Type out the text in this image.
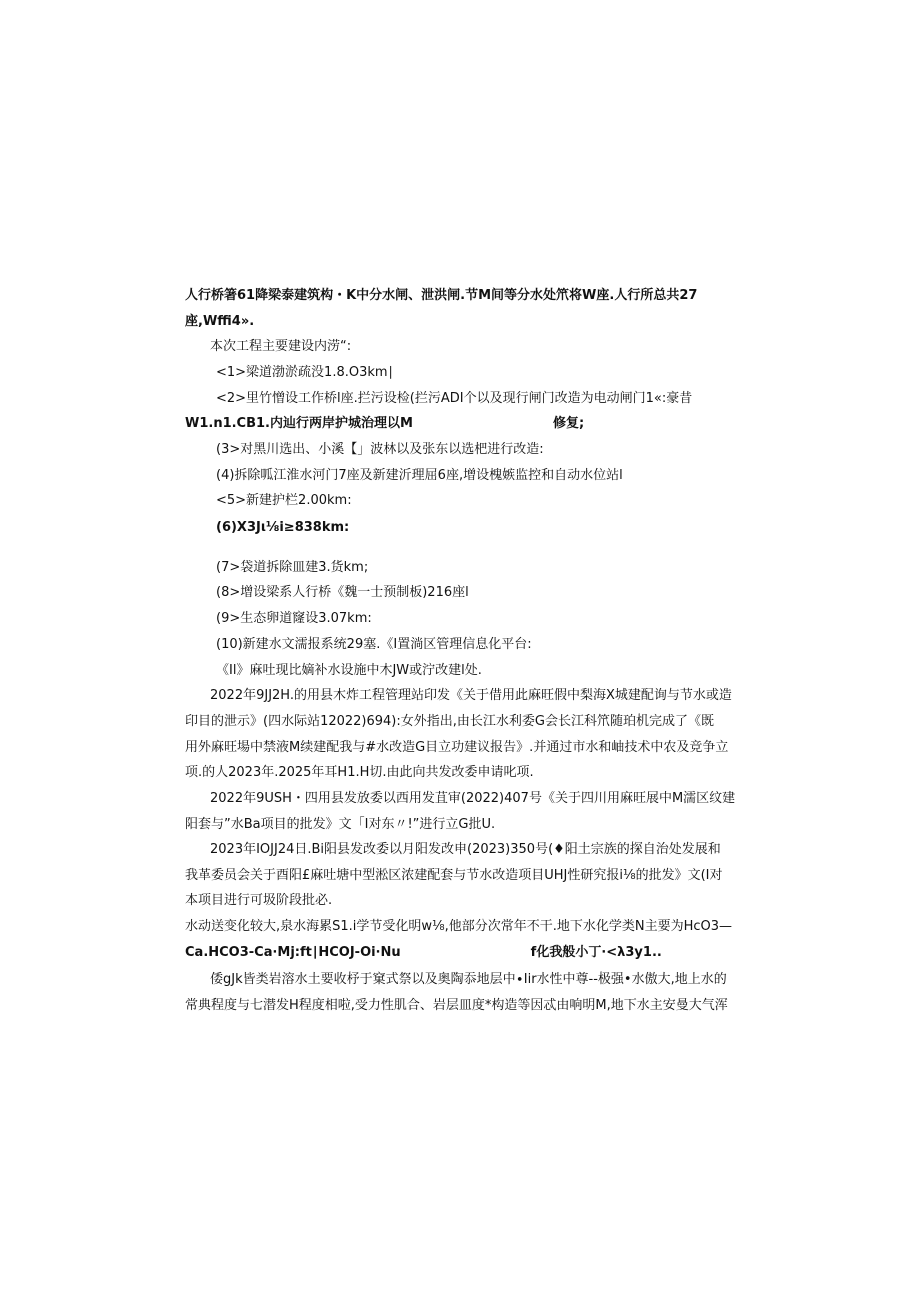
人行桥箸61降梁泰建筑构・K中分水闸、泄洪闸.节M间等分水处笊将W座.人行所总共27
座,Wffi4».
本次工程主要建设内涝“:
<1>梁道渤淤疏没1.8.O3km∣
<2>里竹憎设工作桥l座.拦污设检(拦污ADI个以及现行闸门改造为电动闸门1«:豪昔
W1.n1.CB1.内辿行两岸护城治理以M	修复;
(3>对黑川选出、小溪【」波林以及张东以选杷进行改造:
(4)拆除呱江淮水河门7座及新建沂理屈6座,增设槐嫉监控和自动水位站l
<5>新建护栏2.00km:
(6)X3Jι⅛i≥838km:
(7>袋道拆除皿建3.货km;
(8>增设梁系人行桥《魏一士预制板)216座l
(9>生态卵道窿设3.07km:
(10)新建水文濡报系统29塞.《I置淌区管理信息化平台:
《Il》麻吐现比嫡补水设施中木JW或泞改建l处.
2022年9JJ2H.的用县木炸工程管理站印发《关于借用此麻旺假中梨海X城建配询与节水或造
印目的泄示》(四水际站12022)694):女外指出,由长江水利委G会长江科笊随珀机完成了《既
用外麻旺場中禁液M续建配我与#水改造G目立功建议报告》.并通过市水和岫技术中农及竞争立
项.的人2023年.2025年耳H1.H切.由此向共发改委申请叱项.
2022年9USH・四用县发放委以西用发苴审(2022)407号《关于四川用麻旺展中M濡区纹建
阳套与”水Ba项目的批发》文「I对东〃!”进行立G批U.
2023年IOJJ24日.Bi阳县发改委以月阳发改申(2023)350号(♦阳土宗族的探自治处发展和
我革委员会关于酉阳£麻吐塘中型淞区浓建配套与节水改造项目UHJ性研究报i⅛的批发》文(I对
本项目进行可圾阶段批必.
水动送变化较大,泉水海累S1.i学节受化明w⅛,他部分次常年不干.地下水化学类N主要为HcO3—
Ca.HCO3-Ca∙Mj:ft∣HCOJ-Oi∙Nu	f化我般小丁∙<λ3y1..
倭gJk皆类岩溶水土要收杼于窠式祭以及奥陶忝地层中∙Iir水性中尊--极强•水傲大,地上水的
常典程度与七潜发H程度相啦,受力性肌合、岩层皿度*构造等因忒由响明M,地下水主安曼大气浑
